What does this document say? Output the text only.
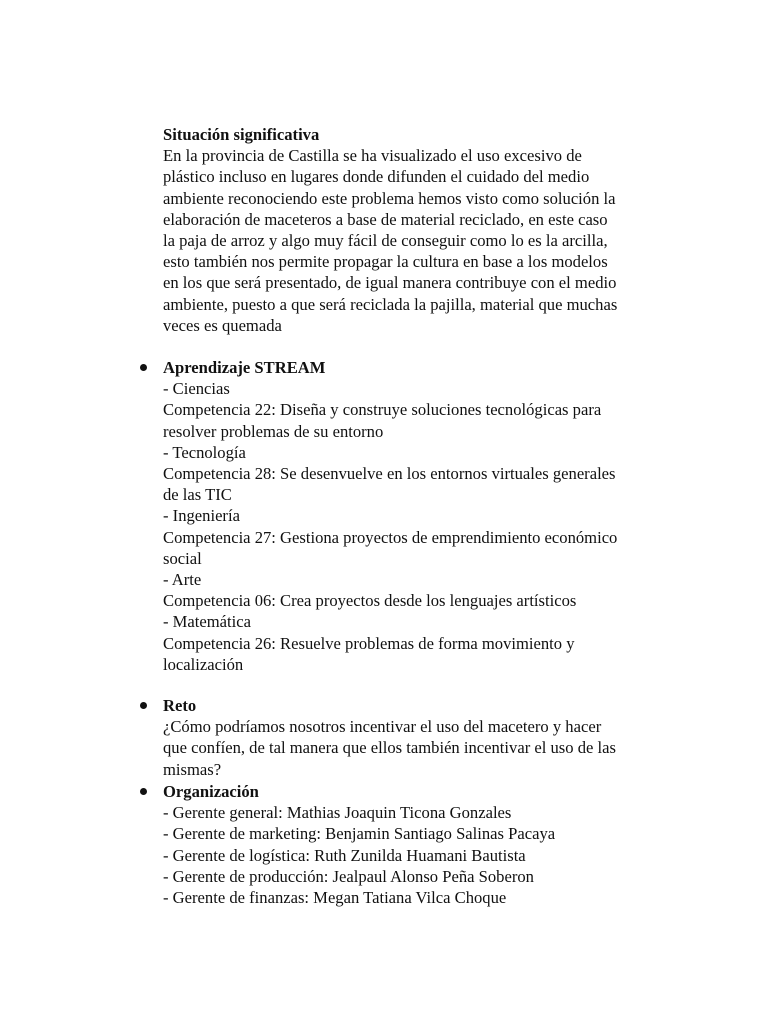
Situación significativa
En la provincia de Castilla se ha visualizado el uso excesivo de
plástico incluso en lugares donde difunden el cuidado del medio
ambiente reconociendo este problema hemos visto como solución la
elaboración de maceteros a base de material reciclado, en este caso
la paja de arroz y algo muy fácil de conseguir como lo es la arcilla,
esto también nos permite propagar la cultura en base a los modelos
en los que será presentado, de igual manera contribuye con el medio
ambiente, puesto a que será reciclada la pajilla, material que muchas
veces es quemada
Aprendizaje STREAM
- Ciencias
Competencia 22: Diseña y construye soluciones tecnológicas para
resolver problemas de su entorno
- Tecnología
Competencia 28: Se desenvuelve en los entornos virtuales generales
de las TIC
- Ingeniería
Competencia 27: Gestiona proyectos de emprendimiento económico
social
- Arte
Competencia 06: Crea proyectos desde los lenguajes artísticos
- Matemática
Competencia 26: Resuelve problemas de forma movimiento y
localización
Reto
¿Cómo podríamos nosotros incentivar el uso del macetero y hacer
que confíen, de tal manera que ellos también incentivar el uso de las
mismas?
Organización
- Gerente general: Mathias Joaquin Ticona Gonzales
- Gerente de marketing: Benjamin Santiago Salinas Pacaya
- Gerente de logística: Ruth Zunilda Huamani Bautista
- Gerente de producción: Jealpaul Alonso Peña Soberon
- Gerente de finanzas: Megan Tatiana Vilca Choque
